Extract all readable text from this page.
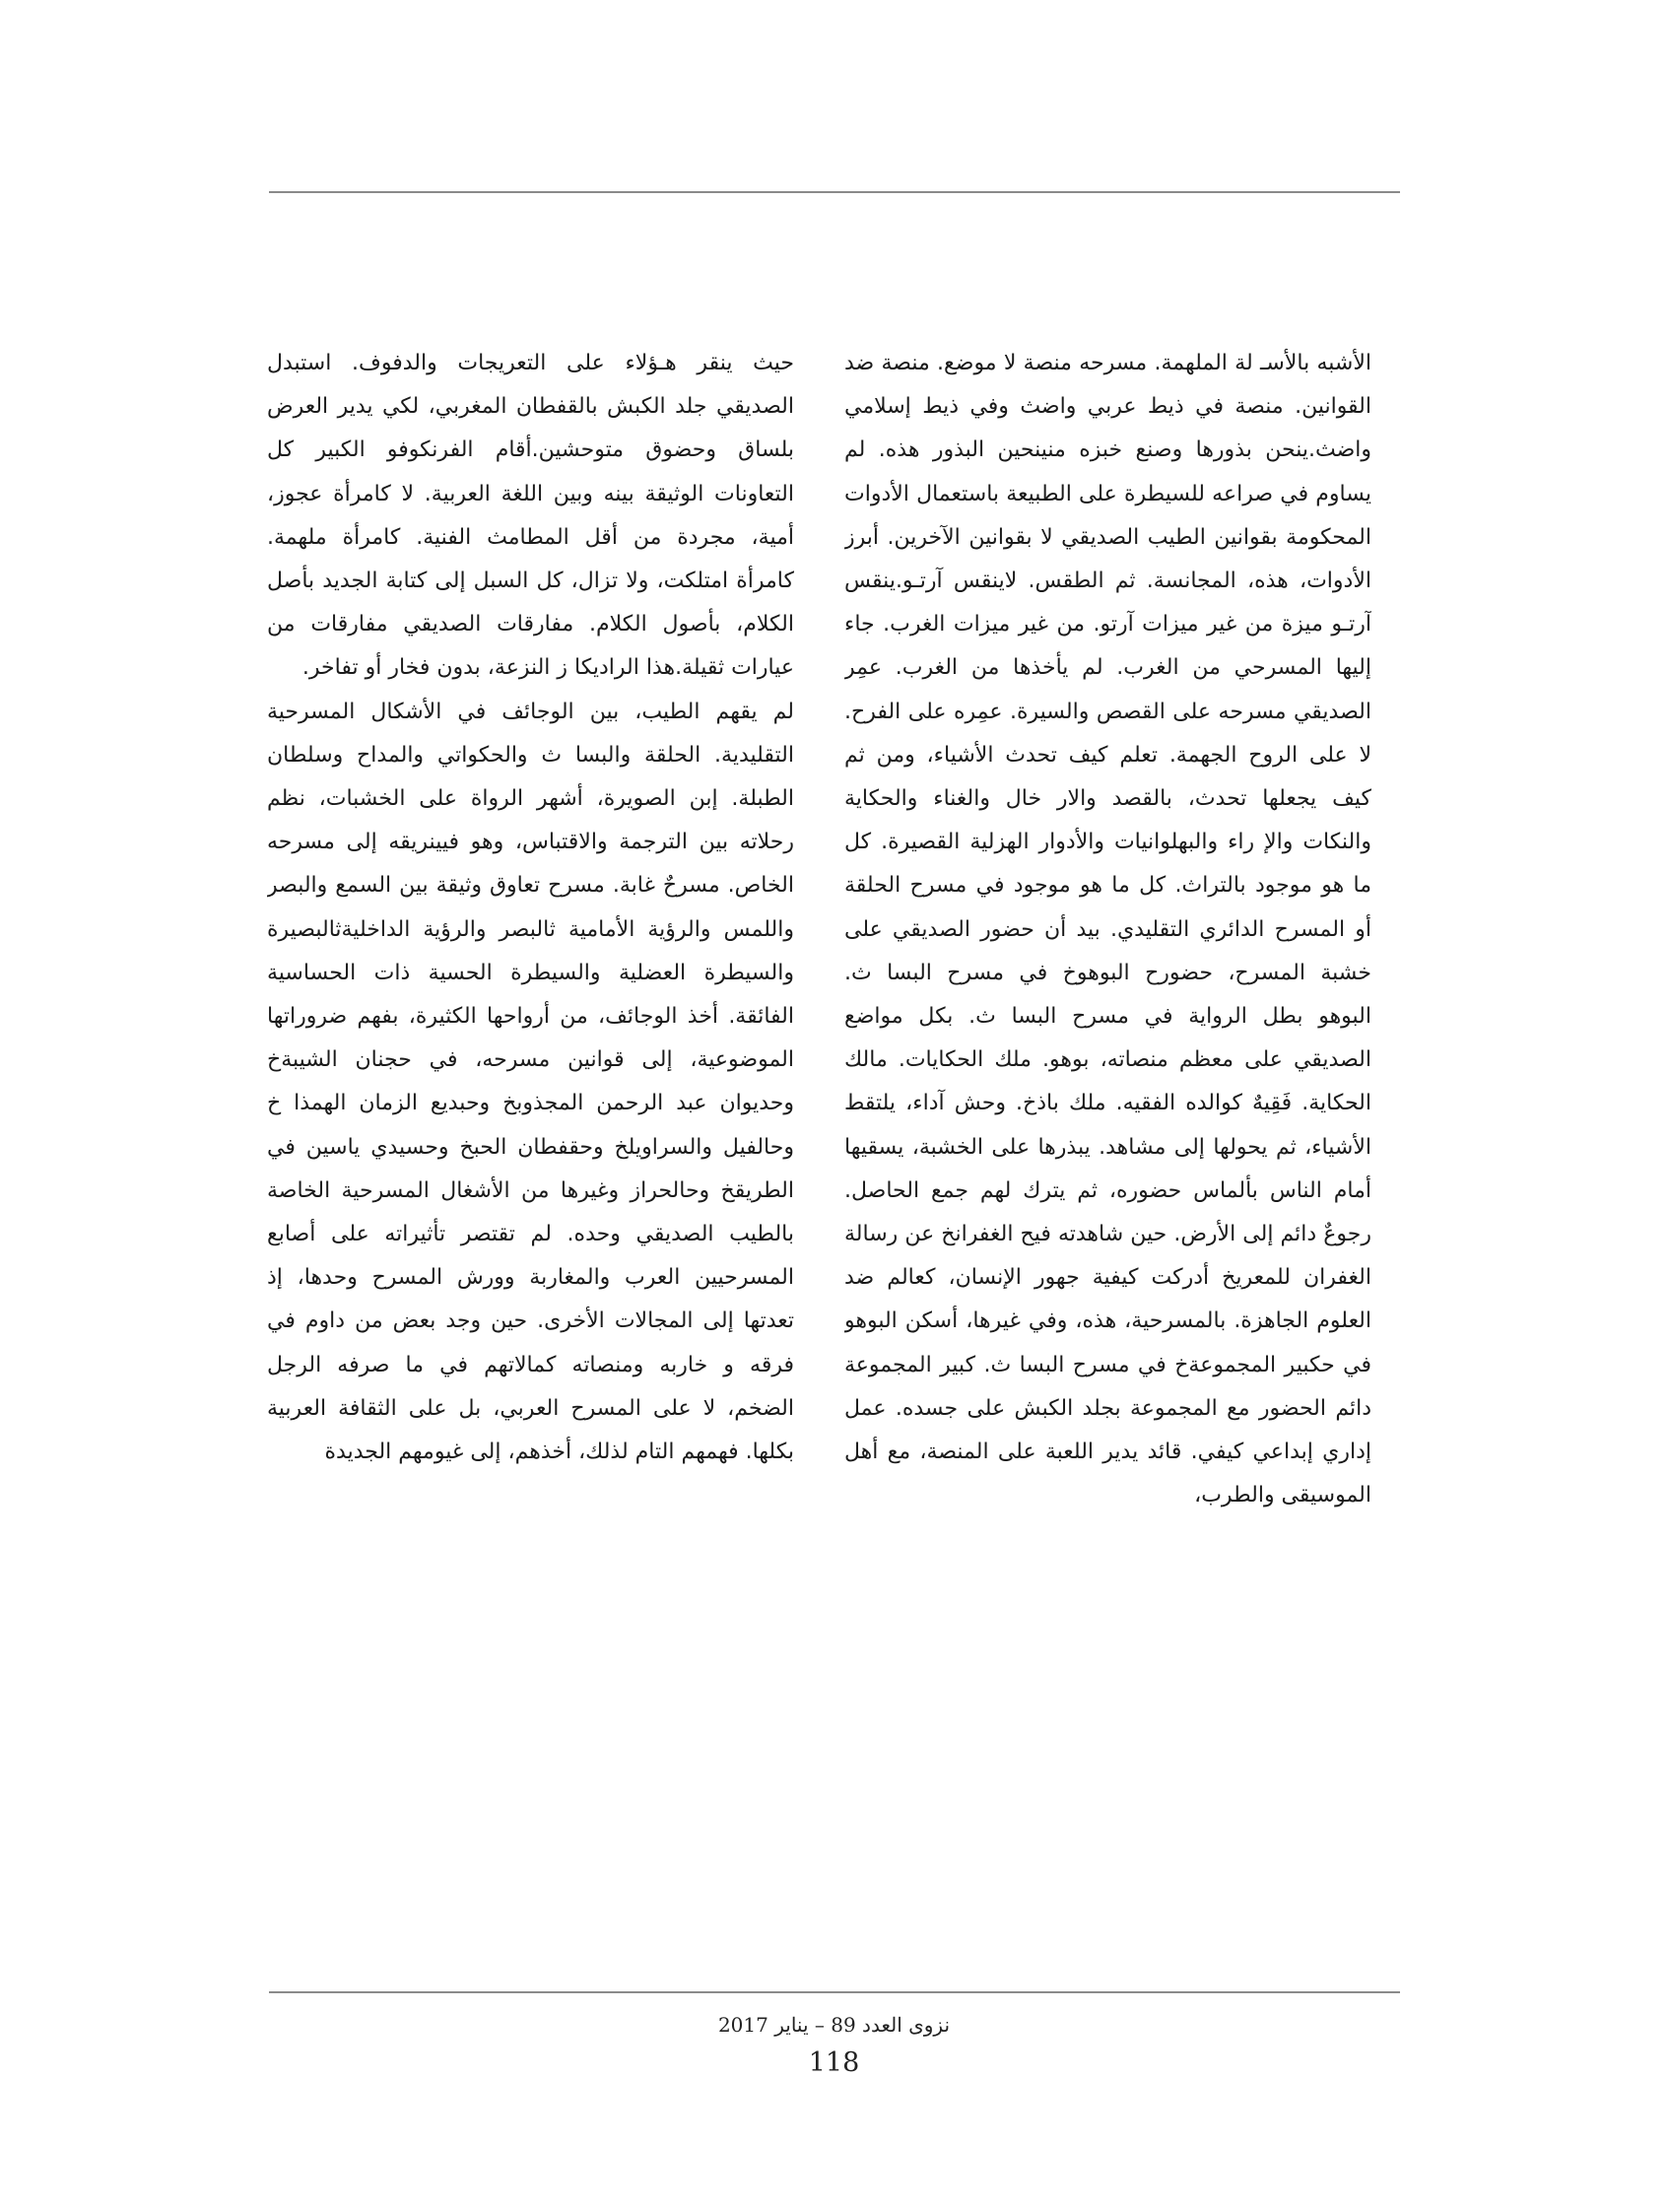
الأشبه بالأسـ لة الملهمة. مسرحه منصة لا موضع. منصة ضد القوانين. منصة في ذيط عربي واضث وفي ذيط إسلامي واضث.ينحن بذورها وصنع خبزه منينحين البذور هذه. لم يساوم في صراعه للسيطرة على الطبيعة باستعمال الأدوات المحكومة بقوانين الطيب الصديقي لا بقوانين الآخرين. أبرز الأدوات، هذه، المجانسة. ثم الطقس. لاينقس آرتـو.ينقس آرتـو ميزة من غير ميزات آرتو. من غير ميزات الغرب. جاء إليها المسرحي من الغرب. لم يأخذها من الغرب. عمِر الصديقي مسرحه على القصص والسيرة. عمِره على الفرح. لا على الروح الجهمة. تعلم كيف تحدث الأشياء، ومن ثم كيف يجعلها تحدث، بالقصد والار خال والغناء والحكاية والنكات والإ راء والبهلوانيات والأدوار الهزلية القصيرة. كل ما هو موجود بالتراث. كل ما هو موجود في مسرح الحلقة أو المسرح الدائري التقليدي. بيد أن حضور الصديقي على خشبة المسرح، حضورح البوهوخ في مسرح البسا ث. البوهو بطل الرواية في مسرح البسا ث. بكل مواضع الصديقي على معظم منصاته، بوهو. ملك الحكايات. مالك الحكاية. فَقِيهٌ كوالده الفقيه. ملك باذخ. وحش آداء، يلتقط الأشياء، ثم يحولها إلى مشاهد. يبذرها على الخشبة، يسقيها أمام الناس بألماس حضوره، ثم يترك لهم جمع الحاصل. رجوعٌ دائم إلى الأرض. حين شاهدته فيح الغفرانخ عن رسالة الغفران للمعريخ أدركت كيفية جهور الإنسان، كعالم ضد العلوم الجاهزة. بالمسرحية، هذه، وفي غيرها، أسكن البوهو في حكبير المجموعةخ في مسرح البسا ث. كبير المجموعة دائم الحضور مع المجموعة بجلد الكبش على جسده. عمل إداري إبداعي كيفي. قائد يدير اللعبة على المنصة، مع أهل الموسيقى والطرب،

حيث ينقر هـؤلاء على التعريجات والدفوف. استبدل الصديقي جلد الكبش بالقفطان المغربي، لكي يدير العرض بلساق وحضوق متوحشين.أقام الفرنكوفو الكبير كل التعاونات الوثيقة بينه وبين اللغة العربية. لا كامرأة عجوز، أمية، مجردة من أقل المطامث الفنية. كامرأة ملهمة. كامرأة امتلكت، ولا تزال، كل السبل إلى كتابة الجديد بأصل الكلام، بأصول الكلام. مفارقات الصديقي مفارقات من عيارات ثقيلة.هذا الراديكا ز النزعة، بدون فخار أو تفاخر.

لم يقهم الطيب، بين الوجائف في الأشكال المسرحية التقليدية. الحلقة والبسا ث والحكواتي والمداح وسلطان الطبلة. إبن الصويرة، أشهر الرواة على الخشبات، نظم رحلاته بين الترجمة والاقتباس، وهو فيينريقه إلى مسرحه الخاص. مسرحٌ غابة. مسرح تعاوق وثيقة بين السمع والبصر واللمس والرؤية الأمامية ثالبصر والرؤية الداخليةثالبصيرة والسيطرة العضلية والسيطرة الحسية ذات الحساسية الفائقة. أخذ الوجائف، من أرواحها الكثيرة، بفهم ضروراتها الموضوعية، إلى قوانين مسرحه، في حجنان الشيبةخ وحديوان عبد الرحمن المجذوبخ وحبديع الزمان الهمذا خ وحالفيل والسراويلخ وحقفطان الحبخ وحسيدي ياسين في الطريقخ وحالحراز وغيرها من الأشغال المسرحية الخاصة بالطيب الصديقي وحده. لم تقتصر تأثيراته على أصابع المسرحيين العرب والمغاربة وورش المسرح وحدها، إذ تعدتها إلى المجالات الأخرى. حين وجد بعض من داوم في فرقه و خاربه ومنصاته كمالاتهم في ما صرفه الرجل الضخم، لا على المسرح العربي، بل على الثقافة العربية بكلها. فهمهم التام لذلك، أخذهم، إلى غيومهم الجديدة

نزوى العدد 89 – يناير 2017
118
